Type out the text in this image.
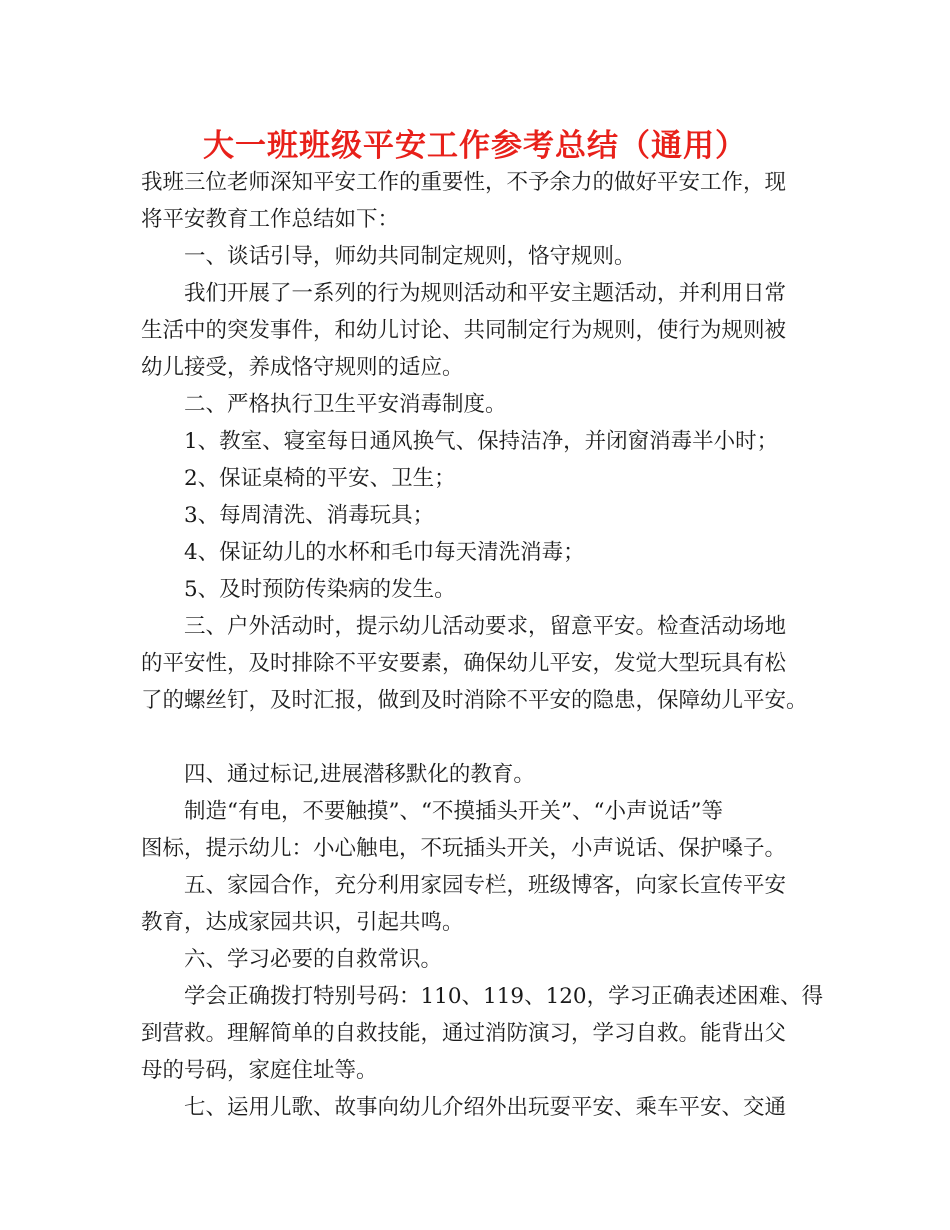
大一班班级平安工作参考总结（通用）

我班三位老师深知平安工作的重要性，不予余力的做好平安工作，现

将平安教育工作总结如下：

一、谈话引导，师幼共同制定规则，恪守规则。

我们开展了一系列的行为规则活动和平安主题活动，并利用日常

生活中的突发事件，和幼儿讨论、共同制定行为规则，使行为规则被

幼儿接受，养成恪守规则的适应。

二、严格执行卫生平安消毒制度。

1、教室、寝室每日通风换气、保持洁净，并闭窗消毒半小时；

2、保证桌椅的平安、卫生；

3、每周清洗、消毒玩具；

4、保证幼儿的水杯和毛巾每天清洗消毒；

5、及时预防传染病的发生。

三、户外活动时，提示幼儿活动要求，留意平安。检查活动场地

的平安性，及时排除不平安要素，确保幼儿平安，发觉大型玩具有松

了的螺丝钉，及时汇报，做到及时消除不平安的隐患，保障幼儿平安。

四、通过标记,进展潜移默化的教育。

制造“有电，不要触摸”、“不摸插头开关”、“小声说话”等

图标，提示幼儿：小心触电，不玩插头开关，小声说话、保护嗓子。

五、家园合作，充分利用家园专栏，班级博客，向家长宣传平安

教育，达成家园共识，引起共鸣。

六、学习必要的自救常识。

学会正确拨打特别号码：110、119、120，学习正确表述困难、得

到营救。理解简单的自救技能，通过消防演习，学习自救。能背出父

母的号码，家庭住址等。

七、运用儿歌、故事向幼儿介绍外出玩耍平安、乘车平安、交通
